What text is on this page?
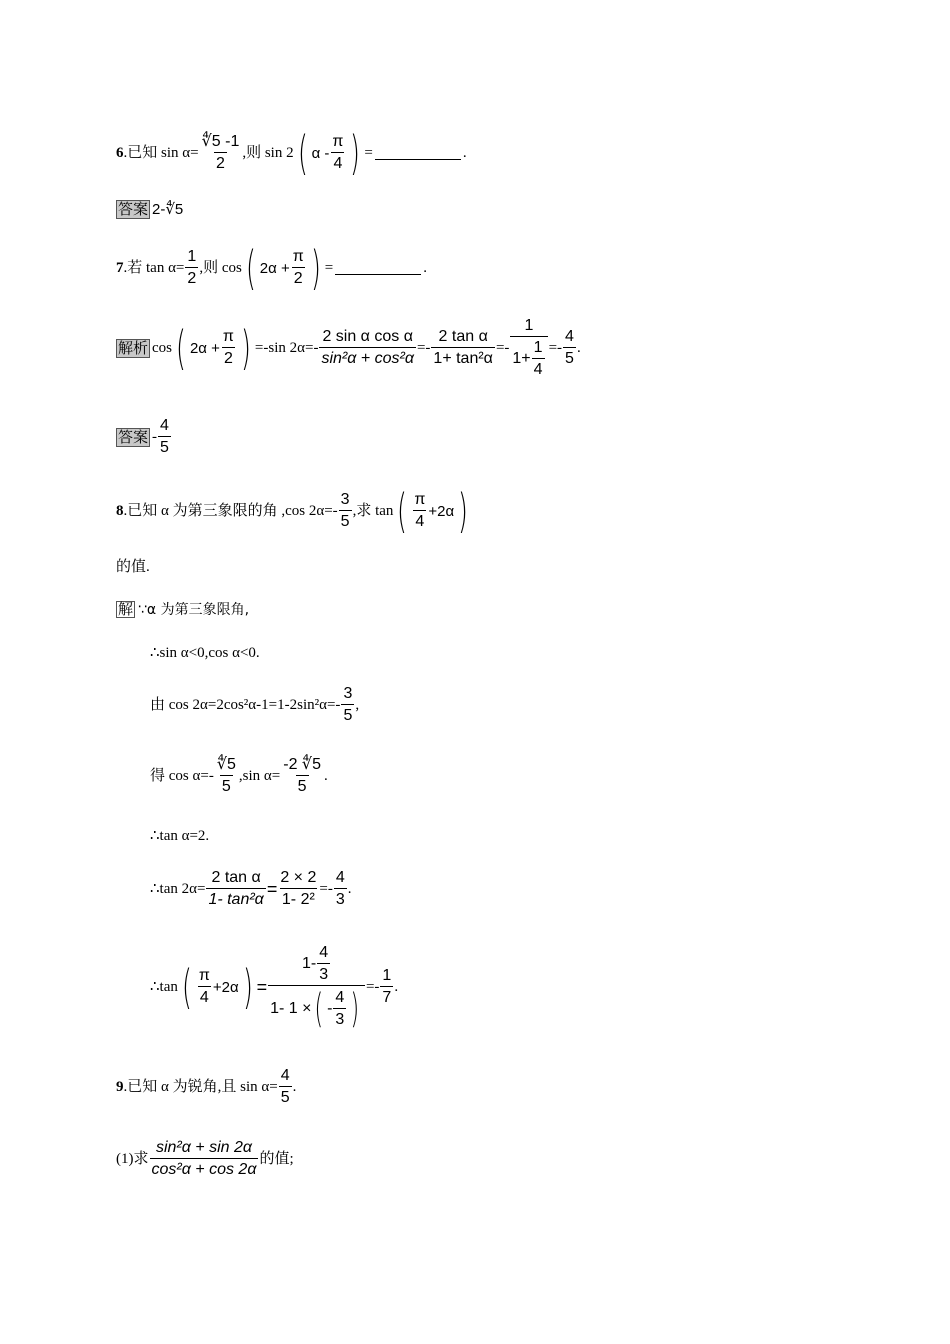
6 .已知 $\sin \alpha= \frac{∜5 -1}{2}$ ,则 sin 2 ( α - $\frac{\pi}{4}$ ) =	.
答案 2-∜5
7 .若 $\tan \alpha= \frac{1}{2}$ ,则 cos ( $2\alpha + \frac{\pi}{2}$ ) =	.
解析 cos ( $2\alpha + \frac{\pi}{2}$ ) =-sin $2\alpha=- \frac{\text{2 sin α cos α}}{\text{sin²α + cos²α}} =- \frac{\text{2 tan α}}{\text{1+ tan²α}} =- \frac{1}{1+ \frac{1}{4}} =- \frac{4}{5}$ .
答案 - $\frac{4}{5}$
8 .已知 α 为第三象限的角 ,cos $2\alpha=- \frac{3}{5}$ ,求 tan ( $\frac{\pi}{4} +2\alpha$ )
的值.
解 ∵α 为第三象限角,
∴sin α<0,cos α<0.
由 $\cos 2\alpha=2\cos^2\alpha-1=1-2\sin^2\alpha=- \frac{3}{5}$ ,
得 $\cos \alpha=- \frac{∜5}{5} ,\sin$ $\alpha= \frac{-2 ∜5}{5}$ .
∴tan α=2.
∴tan $2\alpha= \frac{\text{2 tan α}}{\text{1- tan²α}} = \frac{2 \times 2}{\text{1- 2²}} =- \frac{4}{3}$ .
∴tan ( $\frac{\pi}{4} +2\alpha$ ) =
$1- \frac{4}{3}$
1- 1 × ( - $\frac{4}{3}$ ) =- $\frac{1}{7}$ .
9 .已知 α 为锐角,且 $\sin \alpha= \frac{4}{5}$ .
(1)求 $\frac{\text{sin²α + sin 2α}}{\text{cos²α + cos 2α}}$ 的值;
